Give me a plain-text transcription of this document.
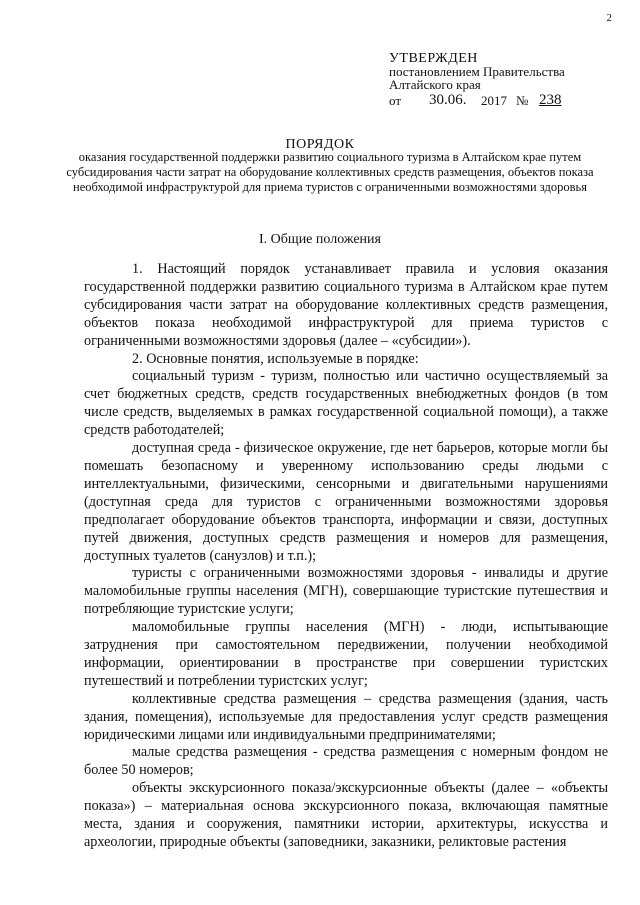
2
УТВЕРЖДЕН
постановлением Правительства
Алтайского края
от 30.06. 2017 № 238
ПОРЯДОК
оказания государственной поддержки развитию социального туризма в Алтайском крае путем субсидирования части затрат на оборудование коллективных средств размещения, объектов показа необходимой инфраструктурой для приема туристов с ограниченными возможностями здоровья
I. Общие положения

1. Настоящий порядок устанавливает правила и условия оказания государственной поддержки развитию социального туризма в Алтайском крае путем субсидирования части затрат на оборудование коллективных средств размещения, объектов показа необходимой инфраструктурой для приема туристов с ограниченными возможностями здоровья (далее – «субсидии»).

2. Основные понятия, используемые в порядке:

социальный туризм - туризм, полностью или частично осуществляемый за счет бюджетных средств, средств государственных внебюджетных фондов (в том числе средств, выделяемых в рамках государственной социальной помощи), а также средств работодателей;

доступная среда - физическое окружение, где нет барьеров, которые могли бы помешать безопасному и уверенному использованию среды людьми с интеллектуальными, физическими, сенсорными и двигательными нарушениями (доступная среда для туристов с ограниченными возможностями здоровья предполагает оборудование объектов транспорта, информации и связи, доступных путей движения, доступных средств размещения и номеров для размещения, доступных туалетов (санузлов) и т.п.);

туристы с ограниченными возможностями здоровья - инвалиды и другие маломобильные группы населения (МГН), совершающие туристские путешествия и потребляющие туристские услуги;

маломобильные группы населения (МГН) - люди, испытывающие затруднения при самостоятельном передвижении, получении необходимой информации, ориентировании в пространстве при совершении туристских путешествий и потреблении туристских услуг;

коллективные средства размещения – средства размещения (здания, часть здания, помещения), используемые для предоставления услуг средств размещения юридическими лицами или индивидуальными предпринимателями;

малые средства размещения - средства размещения с номерным фондом не более 50 номеров;

объекты экскурсионного показа/экскурсионные объекты (далее – «объекты показа») – материальная основа экскурсионного показа, включающая памятные места, здания и сооружения, памятники истории, архитектуры, искусства и археологии, природные объекты (заповедники, заказники, реликтовые растения
